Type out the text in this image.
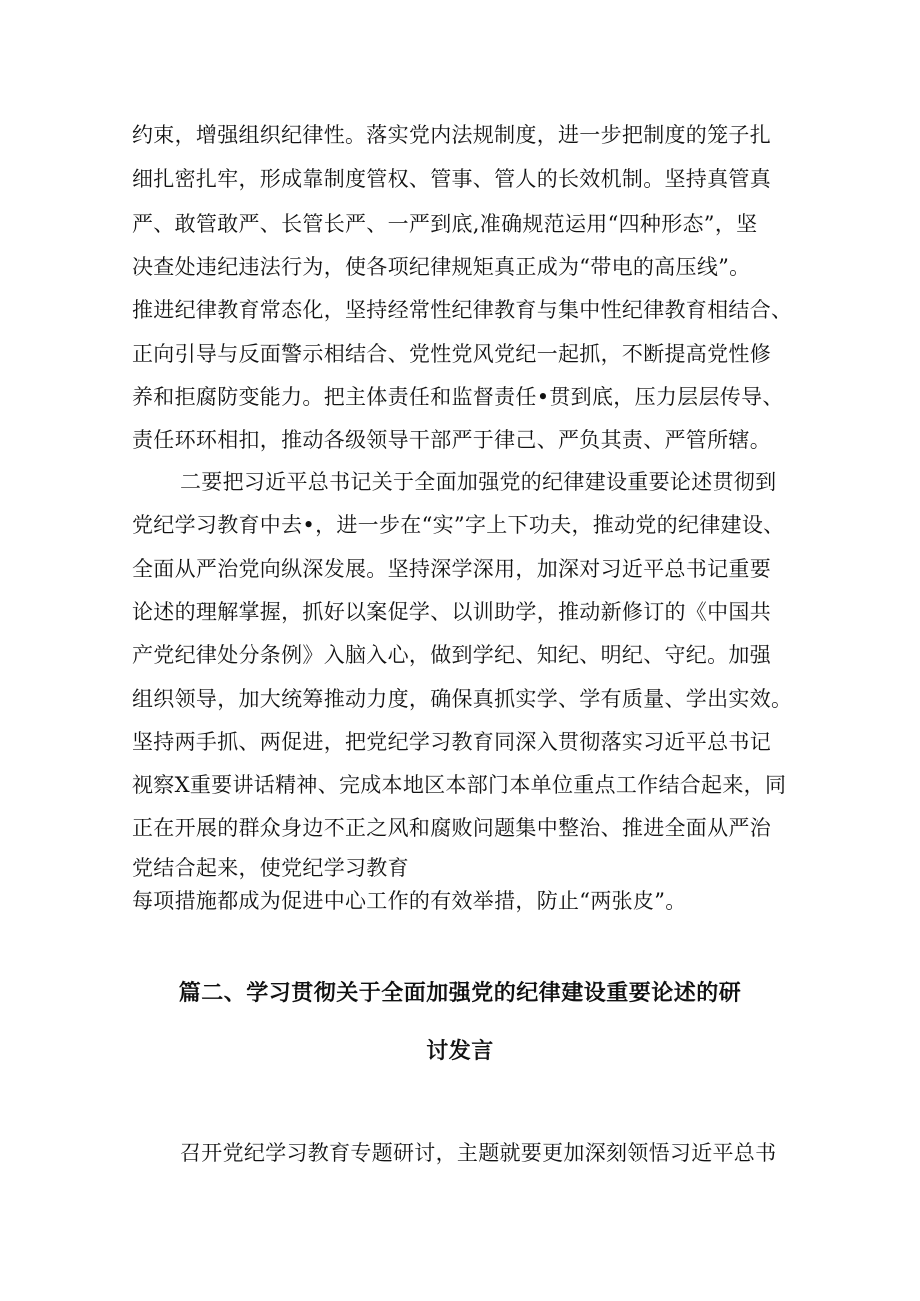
约束，增强组织纪律性。落实党内法规制度，进一步把制度的笼子扎
细扎密扎牢，形成靠制度管权、管事、管人的长效机制。坚持真管真
严、敢管敢严、长管长严、一严到底,准确规范运用“四种形态”，坚
决查处违纪违法行为，使各项纪律规矩真正成为“带电的高压线”。
推进纪律教育常态化，坚持经常性纪律教育与集中性纪律教育相结合、
正向引导与反面警示相结合、党性党风党纪一起抓，不断提高党性修
养和拒腐防变能力。把主体责任和监督责任•贯到底，压力层层传导、
责任环环相扣，推动各级领导干部严于律己、严负其责、严管所辖。
二要把习近平总书记关于全面加强党的纪律建设重要论述贯彻到
党纪学习教育中去•，进一步在“实”字上下功夫，推动党的纪律建设、
全面从严治党向纵深发展。坚持深学深用，加深对习近平总书记重要
论述的理解掌握，抓好以案促学、以训助学，推动新修订的《中国共
产党纪律处分条例》入脑入心，做到学纪、知纪、明纪、守纪。加强
组织领导，加大统筹推动力度，确保真抓实学、学有质量、学出实效。
坚持两手抓、两促进，把党纪学习教育同深入贯彻落实习近平总书记
视察X重要讲话精神、完成本地区本部门本单位重点工作结合起来，同
正在开展的群众身边不正之风和腐败问题集中整治、推进全面从严治
党结合起来，使党纪学习教育
每项措施都成为促进中心工作的有效举措，防止“两张皮”。
篇二、学习贯彻关于全面加强党的纪律建设重要论述的研
讨发言
召开党纪学习教育专题研讨，主题就要更加深刻领悟习近平总书
